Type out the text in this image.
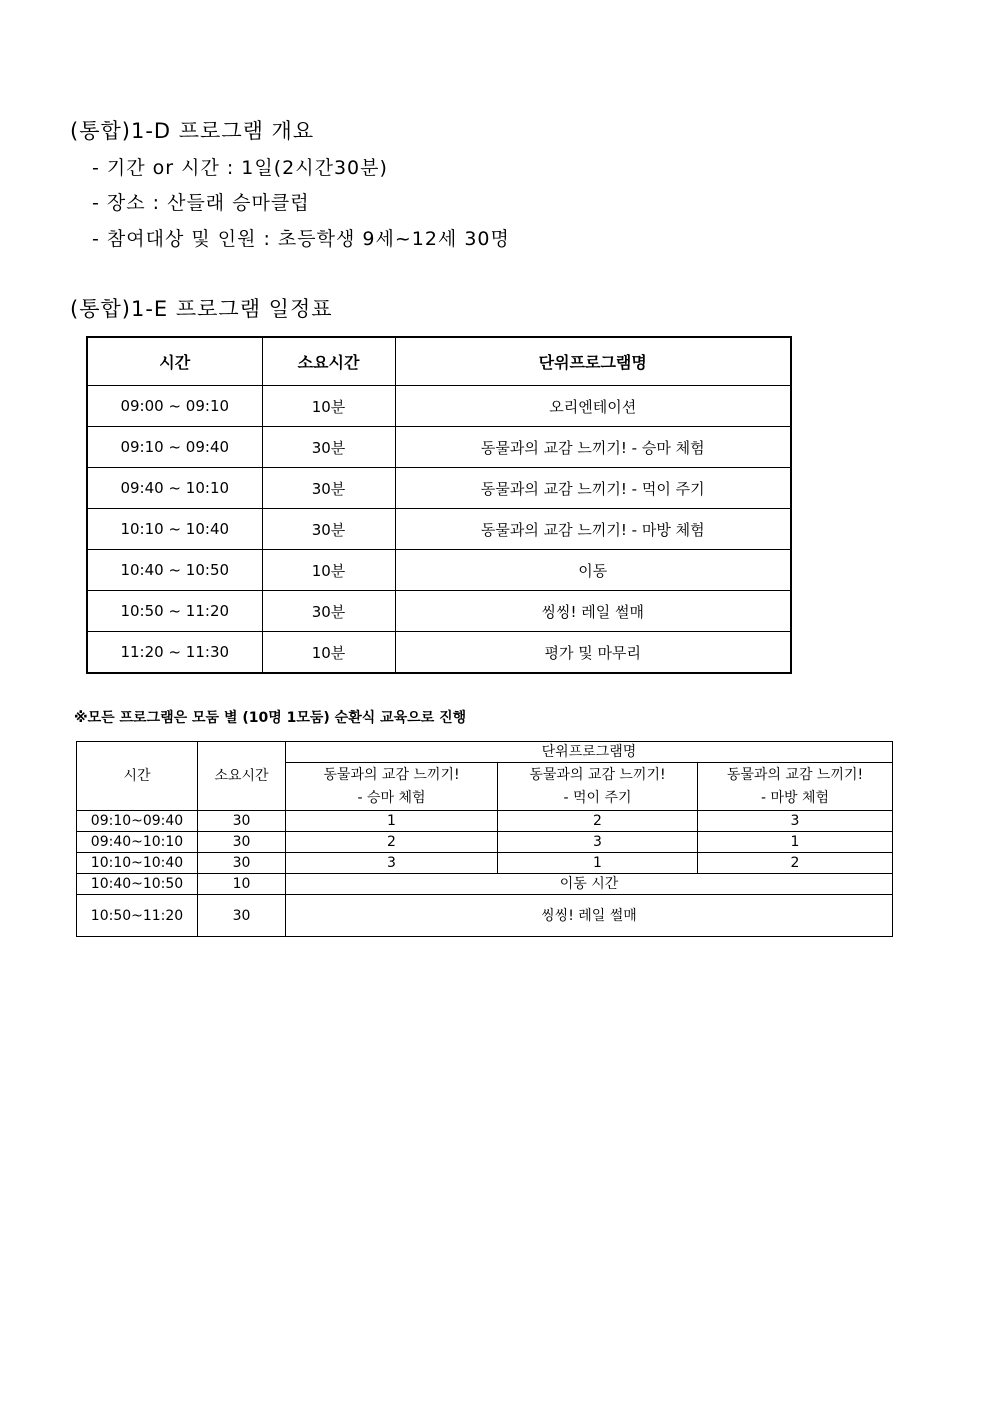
(통합)1-D 프로그램 개요
- 기간 or 시간 : 1일(2시간30분)
- 장소 : 산들래 승마클럽
- 참여대상 및 인원 : 초등학생 9세~12세 30명
(통합)1-E 프로그램 일정표
시간	소요시간	단위프로그램명
09:00 ~ 09:10	10분	오리엔테이션
09:10 ~ 09:40	30분	동물과의 교감 느끼기! - 승마 체험
09:40 ~ 10:10	30분	동물과의 교감 느끼기! - 먹이 주기
10:10 ~ 10:40	30분	동물과의 교감 느끼기! - 마방 체험
10:40 ~ 10:50	10분	이동
10:50 ~ 11:20	30분	씽씽! 레일 썰매
11:20 ~ 11:30	10분	평가 및 마무리
※모든 프로그램은 모둠 별 (10명 1모둠) 순환식 교육으로 진행
시간	소요시간	단위프로그램명		
		동물과의 교감 느끼기!	동물과의 교감 느끼기!	동물과의 교감 느끼기!
		- 승마 체험	- 먹이 주기	- 마방 체험
09:10~09:40	30	1	2	3
09:40~10:10	30	2	3	1
10:10~10:40	30	3	1	2
10:40~10:50	10	이동 시간		
10:50~11:20	30	씽씽! 레일 썰매		
